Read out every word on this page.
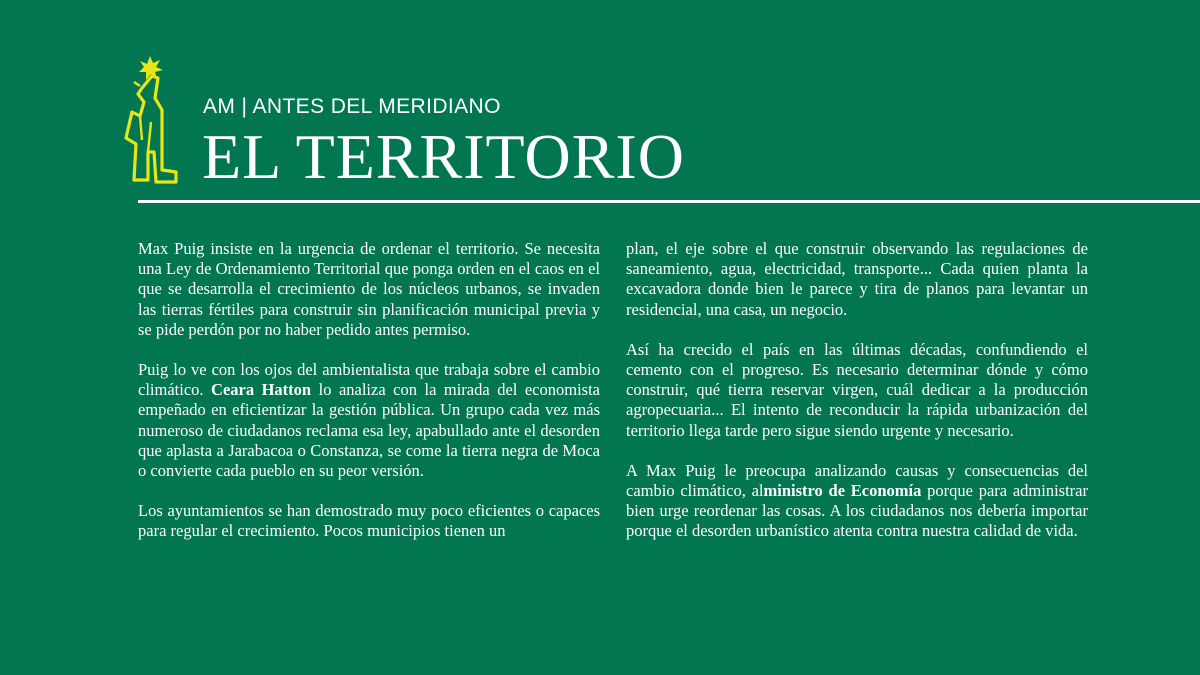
AM | ANTES DEL MERIDIANO
EL TERRITORIO

Max Puig insiste en la urgencia de ordenar el territorio. Se necesita una Ley de Ordenamiento Territorial que ponga orden en el caos en el que se desarrolla el crecimiento de los núcleos urbanos, se invaden las tierras fértiles para construir sin planificación municipal previa y se pide perdón por no haber pedido antes permiso.

Puig lo ve con los ojos del ambientalista que trabaja sobre el cambio climático. Ceara Hatton lo analiza con la mirada del economista empeñado en eficientizar la gestión pública. Un grupo cada vez más numeroso de ciudadanos reclama esa ley, apabullado ante el desorden que aplasta a Jarabacoa o Constanza, se come la tierra negra de Moca o convierte cada pueblo en su peor versión.

Los ayuntamientos se han demostrado muy poco eficientes o capaces para regular el crecimiento. Pocos municipios tienen un

plan, el eje sobre el que construir observando las regulaciones de saneamiento, agua, electricidad, transporte... Cada quien planta la excavadora donde bien le parece y tira de planos para levantar un residencial, una casa, un negocio.

Así ha crecido el país en las últimas décadas, confundiendo el cemento con el progreso. Es necesario determinar dónde y cómo construir, qué tierra reservar virgen, cuál dedicar a la producción agropecuaria... El intento de reconducir la rápida urbanización del territorio llega tarde pero sigue siendo urgente y necesario.

A Max Puig le preocupa analizando causas y consecuencias del cambio climático, alministro de Economía porque para administrar bien urge reordenar las cosas. A los ciudadanos nos debería importar porque el desorden urbanístico atenta contra nuestra calidad de vida.
